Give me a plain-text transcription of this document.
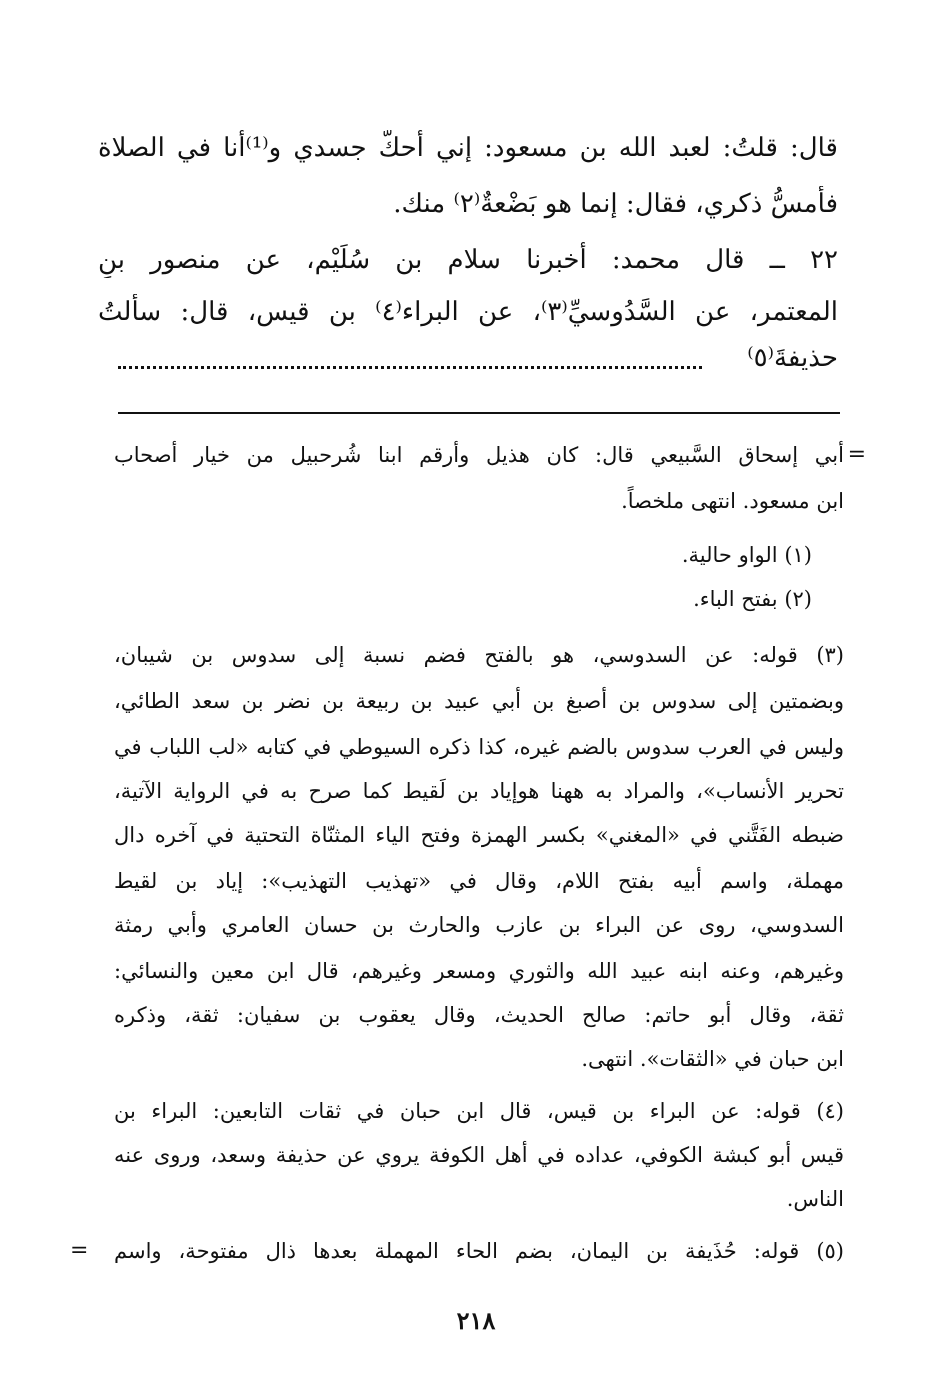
قال: قلتُ: لعبد الله بن مسعود: إني أحكُّ جسدي و⁽¹⁾أنا في الصلاة
فأمسُّ ذكري، فقال: إنما هو بَضْعةٌ⁽٢⁾ منك.
٢٢ ــ قال محمد: أخبرنا سلام بن سُلَيْم، عن منصور بنِ
المعتمر، عن السَّدُوسيِّ⁽٣⁾، عن البراء⁽٤⁾ بن قيس، قال: سألتُ
حذيفةَ⁽٥⁾
=
أبي إسحاق السَّبيعي قال: كان هذيل وأرقم ابنا شُرحبيل من خيار أصحاب
ابن مسعود. انتهى ملخصاً.
(١) الواو حالية.
(٢) بفتح الباء.
(٣) قوله: عن السدوسي، هو بالفتح فضم نسبة إلى سدوس بن شيبان،
وبضمتين إلى سدوس بن أصبغ بن أبي عبيد بن ربيعة بن نضر بن سعد الطائي،
وليس في العرب سدوس بالضم غيره، كذا ذكره السيوطي في كتابه «لب اللباب في
تحرير الأنساب»، والمراد به ههنا هوإياد بن لَقيط كما صرح به في الرواية الآتية،
ضبطه الفَتَّني في «المغني» بكسر الهمزة وفتح الياء المثنّاة التحتية في آخره دال
مهملة، واسم أبيه بفتح اللام، وقال في «تهذيب التهذيب»: إياد بن لقيط
السدوسي، روى عن البراء بن عازب والحارث بن حسان العامري وأبي رمثة
وغيرهم، وعنه ابنه عبيد الله والثوري ومسعر وغيرهم، قال ابن معين والنسائي:
ثقة، وقال أبو حاتم: صالح الحديث، وقال يعقوب بن سفيان: ثقة، وذكره
ابن حبان في «الثقات». انتهى.
(٤) قوله: عن البراء بن قيس، قال ابن حبان في ثقات التابعين: البراء بن
قيس أبو كبشة الكوفي، عداده في أهل الكوفة يروي عن حذيفة وسعد، وروى عنه
الناس.
(٥) قوله: حُذَيفة بن اليمان، بضم الحاء المهملة بعدها ذال مفتوحة، واسم
=
٢١٨
